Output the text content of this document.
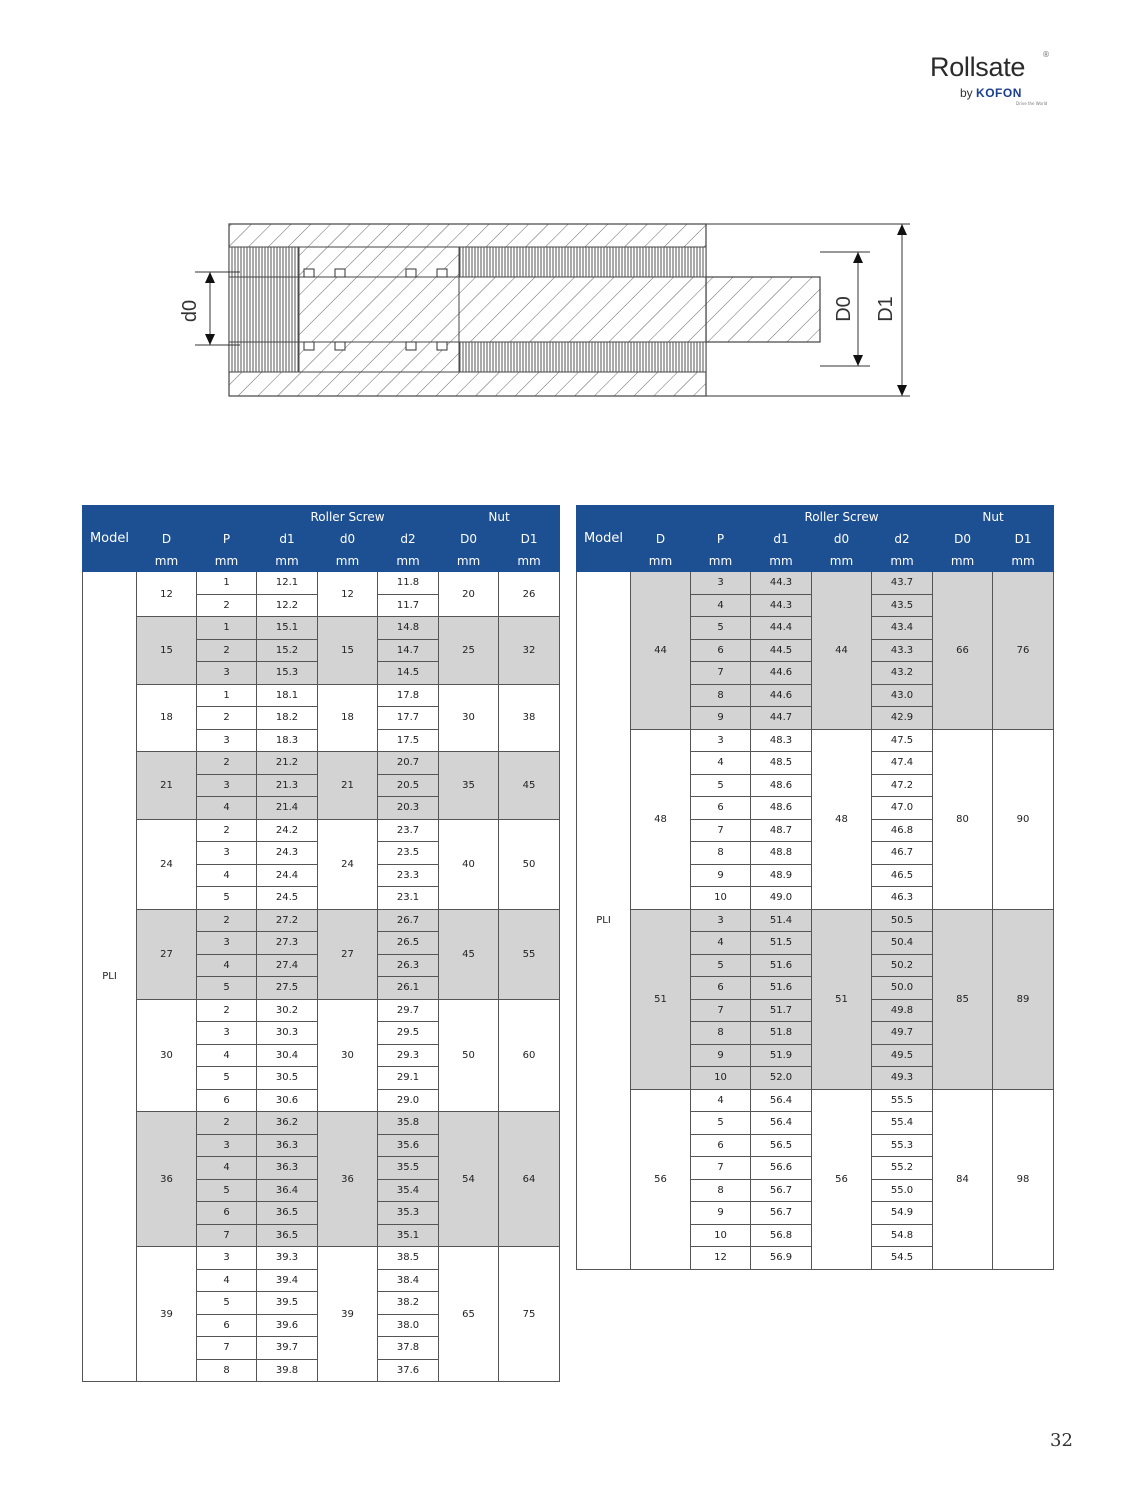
Rollsate	®
by KOFON
Drive the World
d0	D0 D1
Model			Roller Screw			Nut	
	D	P	d1	d0	d2	D0	D1
	mm	mm	mm	mm	mm	mm	mm
PLI	12	1	12.1	12	11.8	20	26
		2	12.2		11.7		
	15	1	15.1	15	14.8	25	32
		2	15.2		14.7		
		3	15.3		14.5		
	18	1	18.1	18	17.8	30	38
		2	18.2		17.7		
		3	18.3		17.5		
	21	2	21.2	21	20.7	35	45
		3	21.3		20.5		
		4	21.4		20.3		
	24	2	24.2	24	23.7	40	50
		3	24.3		23.5		
		4	24.4		23.3		
		5	24.5		23.1		
	27	2	27.2	27	26.7	45	55
		3	27.3		26.5		
		4	27.4		26.3		
		5	27.5		26.1		
	30	2	30.2	30	29.7	50	60
		3	30.3		29.5		
		4	30.4		29.3		
		5	30.5		29.1		
		6	30.6		29.0		
	36	2	36.2	36	35.8	54	64
		3	36.3		35.6		
		4	36.3		35.5		
		5	36.4		35.4		
		6	36.5		35.3		
		7	36.5		35.1		
	39	3	39.3	39	38.5	65	75
		4	39.4		38.4		
		5	39.5		38.2		
		6	39.6		38.0		
		7	39.7		37.8		
		8	39.8		37.6		
Model			Roller Screw			Nut	
	D	P	d1	d0	d2	D0	D1
	mm	mm	mm	mm	mm	mm	mm
PLI	44	3	44.3	44	43.7	66	76
		4	44.3		43.5		
		5	44.4		43.4		
		6	44.5		43.3		
		7	44.6		43.2		
		8	44.6		43.0		
		9	44.7		42.9		
	48	3	48.3	48	47.5	80	90
		4	48.5		47.4		
		5	48.6		47.2		
		6	48.6		47.0		
		7	48.7		46.8		
		8	48.8		46.7		
		9	48.9		46.5		
		10	49.0		46.3		
	51	3	51.4	51	50.5	85	89
		4	51.5		50.4		
		5	51.6		50.2		
		6	51.6		50.0		
		7	51.7		49.8		
		8	51.8		49.7		
		9	51.9		49.5		
		10	52.0		49.3		
	56	4	56.4	56	55.5	84	98
		5	56.4		55.4		
		6	56.5		55.3		
		7	56.6		55.2		
		8	56.7		55.0		
		9	56.7		54.9		
		10	56.8		54.8		
		12	56.9		54.5		
32
